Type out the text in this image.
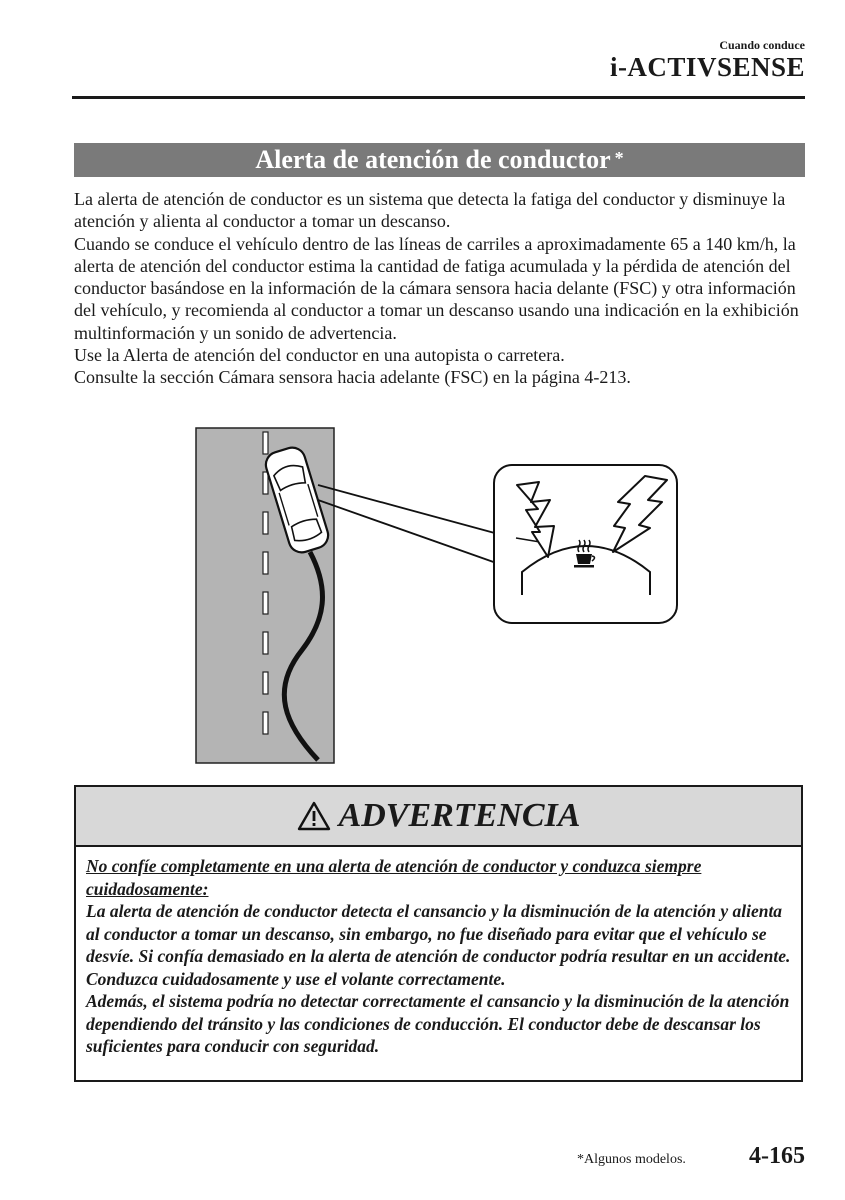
Cuando conduce
i-ACTIVSENSE
Alerta de atención de conductor *

La alerta de atención de conductor es un sistema que detecta la fatiga del conductor y disminuye la atención y alienta al conductor a tomar un descanso.

Cuando se conduce el vehículo dentro de las líneas de carriles a aproximadamente 65 a 140 km/h, la alerta de atención del conductor estima la cantidad de fatiga acumulada y la pérdida de atención del conductor basándose en la información de la cámara sensora hacia delante (FSC) y otra información del vehículo, y recomienda al conductor a tomar un descanso usando una indicación en la exhibición multinformación y un sonido de advertencia.

Use la Alerta de atención del conductor en una autopista o carretera.

Consulte la sección Cámara sensora hacia adelante (FSC) en la página 4-213.

ADVERTENCIA

No confíe completamente en una alerta de atención de conductor y conduzca siempre cuidadosamente:

La alerta de atención de conductor detecta el cansancio y la disminución de la atención y alienta al conductor a tomar un descanso, sin embargo, no fue diseñado para evitar que el vehículo se desvíe. Si confía demasiado en la alerta de atención de conductor podría resultar en un accidente. Conduzca cuidadosamente y use el volante correctamente.

Además, el sistema podría no detectar correctamente el cansancio y la disminución de la atención dependiendo del tránsito y las condiciones de conducción. El conductor debe de descansar los suficientes para conducir con seguridad.

*Algunos modelos.	4-165
